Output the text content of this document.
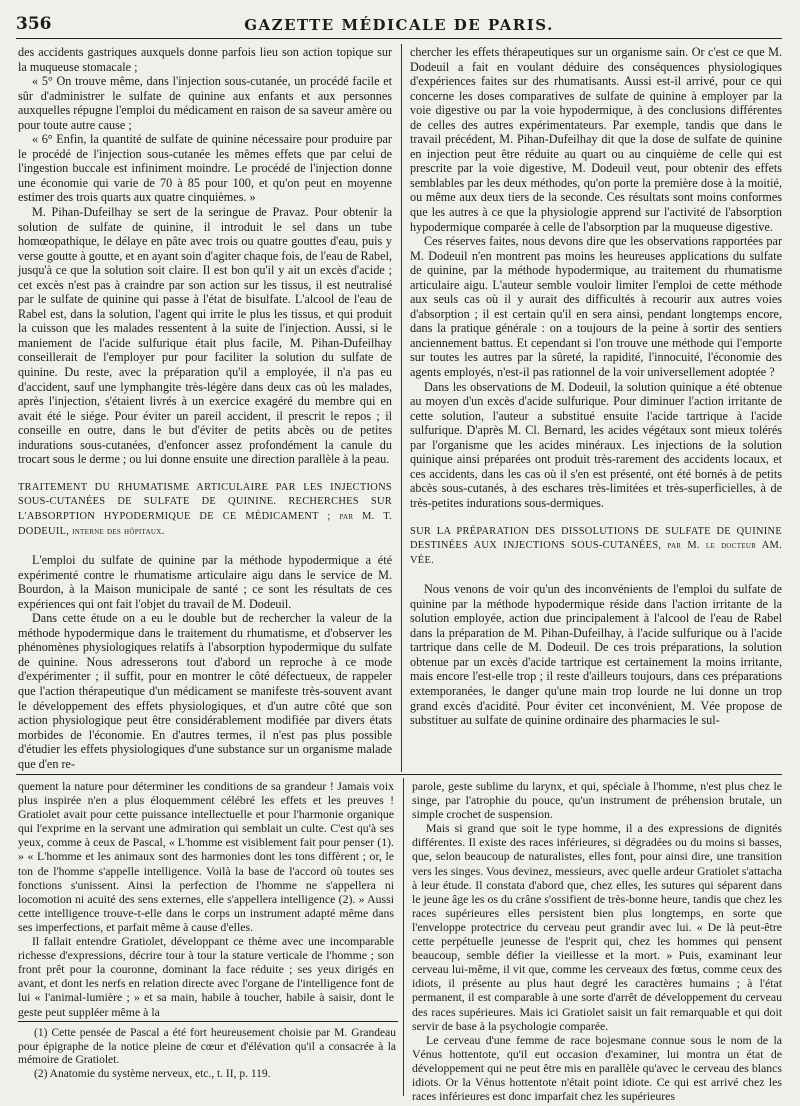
356	GAZETTE MÉDICALE DE PARIS.

des accidents gastriques auxquels donne parfois lieu son action topique sur la muqueuse stomacale ;

« 5° On trouve même, dans l'injection sous-cutanée, un procédé facile et sûr d'administrer le sulfate de quinine aux enfants et aux personnes auxquelles répugne l'emploi du médicament en raison de sa saveur amère ou pour toute autre cause ;

« 6° Enfin, la quantité de sulfate de quinine nécessaire pour produire par le procédé de l'injection sous-cutanée les mêmes effets que par celui de l'ingestion buccale est infiniment moindre. Le procédé de l'injection donne une économie qui varie de 70 à 85 pour 100, et qu'on peut en moyenne estimer des trois quarts aux quatre cinquièmes. »

M. Pihan-Dufeilhay se sert de la seringue de Pravaz. Pour obtenir la solution de sulfate de quinine, il introduit le sel dans un tube homœopathique, le délaye en pâte avec trois ou quatre gouttes d'eau, puis y verse goutte à goutte, et en ayant soin d'agiter chaque fois, de l'eau de Rabel, jusqu'à ce que la solution soit claire. Il est bon qu'il y ait un excès d'acide ; cet excès n'est pas à craindre par son action sur les tissus, il est neutralisé par le sulfate de quinine qui passe à l'état de bisulfate. L'alcool de l'eau de Rabel est, dans la solution, l'agent qui irrite le plus les tissus, et qui produit la cuisson que les malades ressentent à la suite de l'injection. Aussi, si le maniement de l'acide sulfurique était plus facile, M. Pihan-Dufeilhay conseillerait de l'employer pur pour faciliter la solution du sulfate de quinine. Du reste, avec la préparation qu'il a employée, il n'a pas eu d'accident, sauf une lymphangite très-légère dans deux cas où les malades, après l'injection, s'étaient livrés à un exercice exagéré du membre qui en avait été le siége. Pour éviter un pareil accident, il prescrit le repos ; il conseille en outre, dans le but d'éviter de petits abcès ou de petites indurations sous-cutanées, d'enfoncer assez profondément la canule du trocart sous le derme ; ou lui donne ensuite une direction parallèle à la peau.

TRAITEMENT DU RHUMATISME ARTICULAIRE PAR LES INJECTIONS SOUS-CUTANÉES DE SULFATE DE QUININE. RECHERCHES SUR L'ABSORPTION HYPODERMIQUE DE CE MÉDICAMENT ; par M. T. DODEUIL, interne des hôpitaux.

L'emploi du sulfate de quinine par la méthode hypodermique a été expérimenté contre le rhumatisme articulaire aigu dans le service de M. Bourdon, à la Maison municipale de santé ; ce sont les résultats de ces expériences qui ont fait l'objet du travail de M. Dodeuil.

Dans cette étude on a eu le double but de rechercher la valeur de la méthode hypodermique dans le traitement du rhumatisme, et d'observer les phénomènes physiologiques relatifs à l'absorption hypodermique du sulfate de quinine. Nous adresserons tout d'abord un reproche à ce mode d'expérimenter ; il suffit, pour en montrer le côté défectueux, de rappeler que l'action thérapeutique d'un médicament se manifeste très-souvent avant le développement des effets physiologiques, et d'un autre côté que son action physiologique peut être considérablement modifiée par divers états morbides de l'économie. En d'autres termes, il n'est pas plus possible d'étudier les effets physiologiques d'une substance sur un organisme malade que d'en re-

chercher les effets thérapeutiques sur un organisme sain. Or c'est ce que M. Dodeuil a fait en voulant déduire des conséquences physiologiques d'expériences faites sur des rhumatisants. Aussi est-il arrivé, pour ce qui concerne les doses comparatives de sulfate de quinine à employer par la voie digestive ou par la voie hypodermique, à des conclusions différentes de celles des autres expérimentateurs. Par exemple, tandis que dans le travail précédent, M. Pihan-Dufeilhay dit que la dose de sulfate de quinine en injection peut être réduite au quart ou au cinquième de celle qui est prescrite par la voie digestive, M. Dodeuil veut, pour obtenir des effets semblables par les deux méthodes, qu'on porte la première dose à la moitié, ou même aux deux tiers de la seconde. Ces résultats sont moins conformes que les autres à ce que la physiologie apprend sur l'activité de l'absorption hypodermique comparée à celle de l'absorption par la muqueuse digestive.

Ces réserves faites, nous devons dire que les observations rapportées par M. Dodeuil n'en montrent pas moins les heureuses applications du sulfate de quinine, par la méthode hypodermique, au traitement du rhumatisme articulaire aigu. L'auteur semble vouloir limiter l'emploi de cette méthode aux seuls cas où il y aurait des difficultés à recourir aux autres voies d'absorption ; il est certain qu'il en sera ainsi, pendant longtemps encore, dans la pratique générale : on a toujours de la peine à sortir des sentiers anciennement battus. Et cependant si l'on trouve une méthode qui l'emporte sur toutes les autres par la sûreté, la rapidité, l'innocuité, l'économie des agents employés, n'est-il pas rationnel de la voir universellement adoptée ?

Dans les observations de M. Dodeuil, la solution quinique a été obtenue au moyen d'un excès d'acide sulfurique. Pour diminuer l'action irritante de cette solution, l'auteur a substitué ensuite l'acide tartrique à l'acide sulfurique. D'après M. Cl. Bernard, les acides végétaux sont mieux tolérés par l'organisme que les acides minéraux. Les injections de la solution quinique ainsi préparées ont produit très-rarement des accidents locaux, et ces accidents, dans les cas où il s'en est présenté, ont été bornés à de petits abcès sous-cutanés, à des eschares très-limitées et très-superficielles, à de très-petites indurations sous-dermiques.

SUR LA PRÉPARATION DES DISSOLUTIONS DE SULFATE DE QUININE DESTINÉES AUX INJECTIONS SOUS-CUTANÉES, par M. le docteur AM. VÉE.

Nous venons de voir qu'un des inconvénients de l'emploi du sulfate de quinine par la méthode hypodermique réside dans l'action irritante de la solution employée, action due principalement à l'alcool de l'eau de Rabel dans la préparation de M. Pihan-Dufeilhay, à l'acide sulfurique ou à l'acide tartrique dans celle de M. Dodeuil. De ces trois préparations, la solution obtenue par un excès d'acide tartrique est certainement la moins irritante, mais encore l'est-elle trop ; il reste d'ailleurs toujours, dans ces préparations extemporanées, le danger qu'une main trop lourde ne lui donne un trop grand excès d'acidité. Pour éviter cet inconvénient, M. Vée propose de substituer au sulfate de quinine ordinaire des pharmacies le sul-

quement la nature pour déterminer les conditions de sa grandeur ! Jamais voix plus inspirée n'en a plus éloquemment célébré les effets et les preuves ! Gratiolet avait pour cette puissance intellectuelle et pour l'harmonie organique qui l'exprime en la servant une admiration qui semblait un culte. C'est qu'à ses yeux, comme à ceux de Pascal, « L'homme est visiblement fait pour penser (1). » « L'homme et les animaux sont des harmonies dont les tons diffèrent ; or, le ton de l'homme s'appelle intelligence. Voilà la base de l'accord où toutes ses fonctions s'unissent. Ainsi la perfection de l'homme ne s'appellera ni locomotion ni acuité des sens externes, elle s'appellera intelligence (2). » Aussi cette intelligence trouve-t-elle dans le corps un instrument adapté même dans ses imperfections, et parfait même à cause d'elles.

Il fallait entendre Gratiolet, développant ce thème avec une incomparable richesse d'expressions, décrire tour à tour la stature verticale de l'homme ; son front prêt pour la couronne, dominant la face réduite ; ses yeux dirigés en avant, et dont les nerfs en relation directe avec l'organe de l'intelligence font de lui « l'animal-lumière ; » et sa main, habile à toucher, habile à saisir, dont le geste peut suppléer même à la

(1) Cette pensée de Pascal a été fort heureusement choisie par M. Grandeau pour épigraphe de la notice pleine de cœur et d'élévation qu'il a consacrée à la mémoire de Gratiolet.

(2) Anatomie du système nerveux, etc., t. II, p. 119.

parole, geste sublime du larynx, et qui, spéciale à l'homme, n'est plus chez le singe, par l'atrophie du pouce, qu'un instrument de préhension brutale, un simple crochet de suspension.

Mais si grand que soit le type homme, il a des expressions de dignités différentes. Il existe des races inférieures, si dégradées ou du moins si basses, que, selon beaucoup de naturalistes, elles font, pour ainsi dire, une transition vers les singes. Vous devinez, messieurs, avec quelle ardeur Gratiolet s'attacha à leur étude. Il constata d'abord que, chez elles, les sutures qui séparent dans le jeune âge les os du crâne s'ossifient de très-bonne heure, tandis que chez les races supérieures elles persistent bien plus longtemps, en sorte que l'enveloppe protectrice du cerveau peut grandir avec lui. « De là peut-être cette perpétuelle jeunesse de l'esprit qui, chez les hommes qui pensent beaucoup, semble défier la vieillesse et la mort. » Puis, examinant leur cerveau lui-même, il vit que, comme les cerveaux des fœtus, comme ceux des idiots, il présente au plus haut degré les caractères humains ; à l'état permanent, il est comparable à une sorte d'arrêt de développement du cerveau des races supérieures. Mais ici Gratiolet saisit un fait remarquable et qui doit servir de base à la psychologie comparée.

Le cerveau d'une femme de race bojesmane connue sous le nom de la Vénus hottentote, qu'il eut occasion d'examiner, lui montra un état de développement qui ne peut être mis en parallèle qu'avec le cerveau des blancs idiots. Or la Vénus hottentote n'était point idiote. Ce qui est arrivé chez les races inférieures est donc imparfait chez les supérieures
